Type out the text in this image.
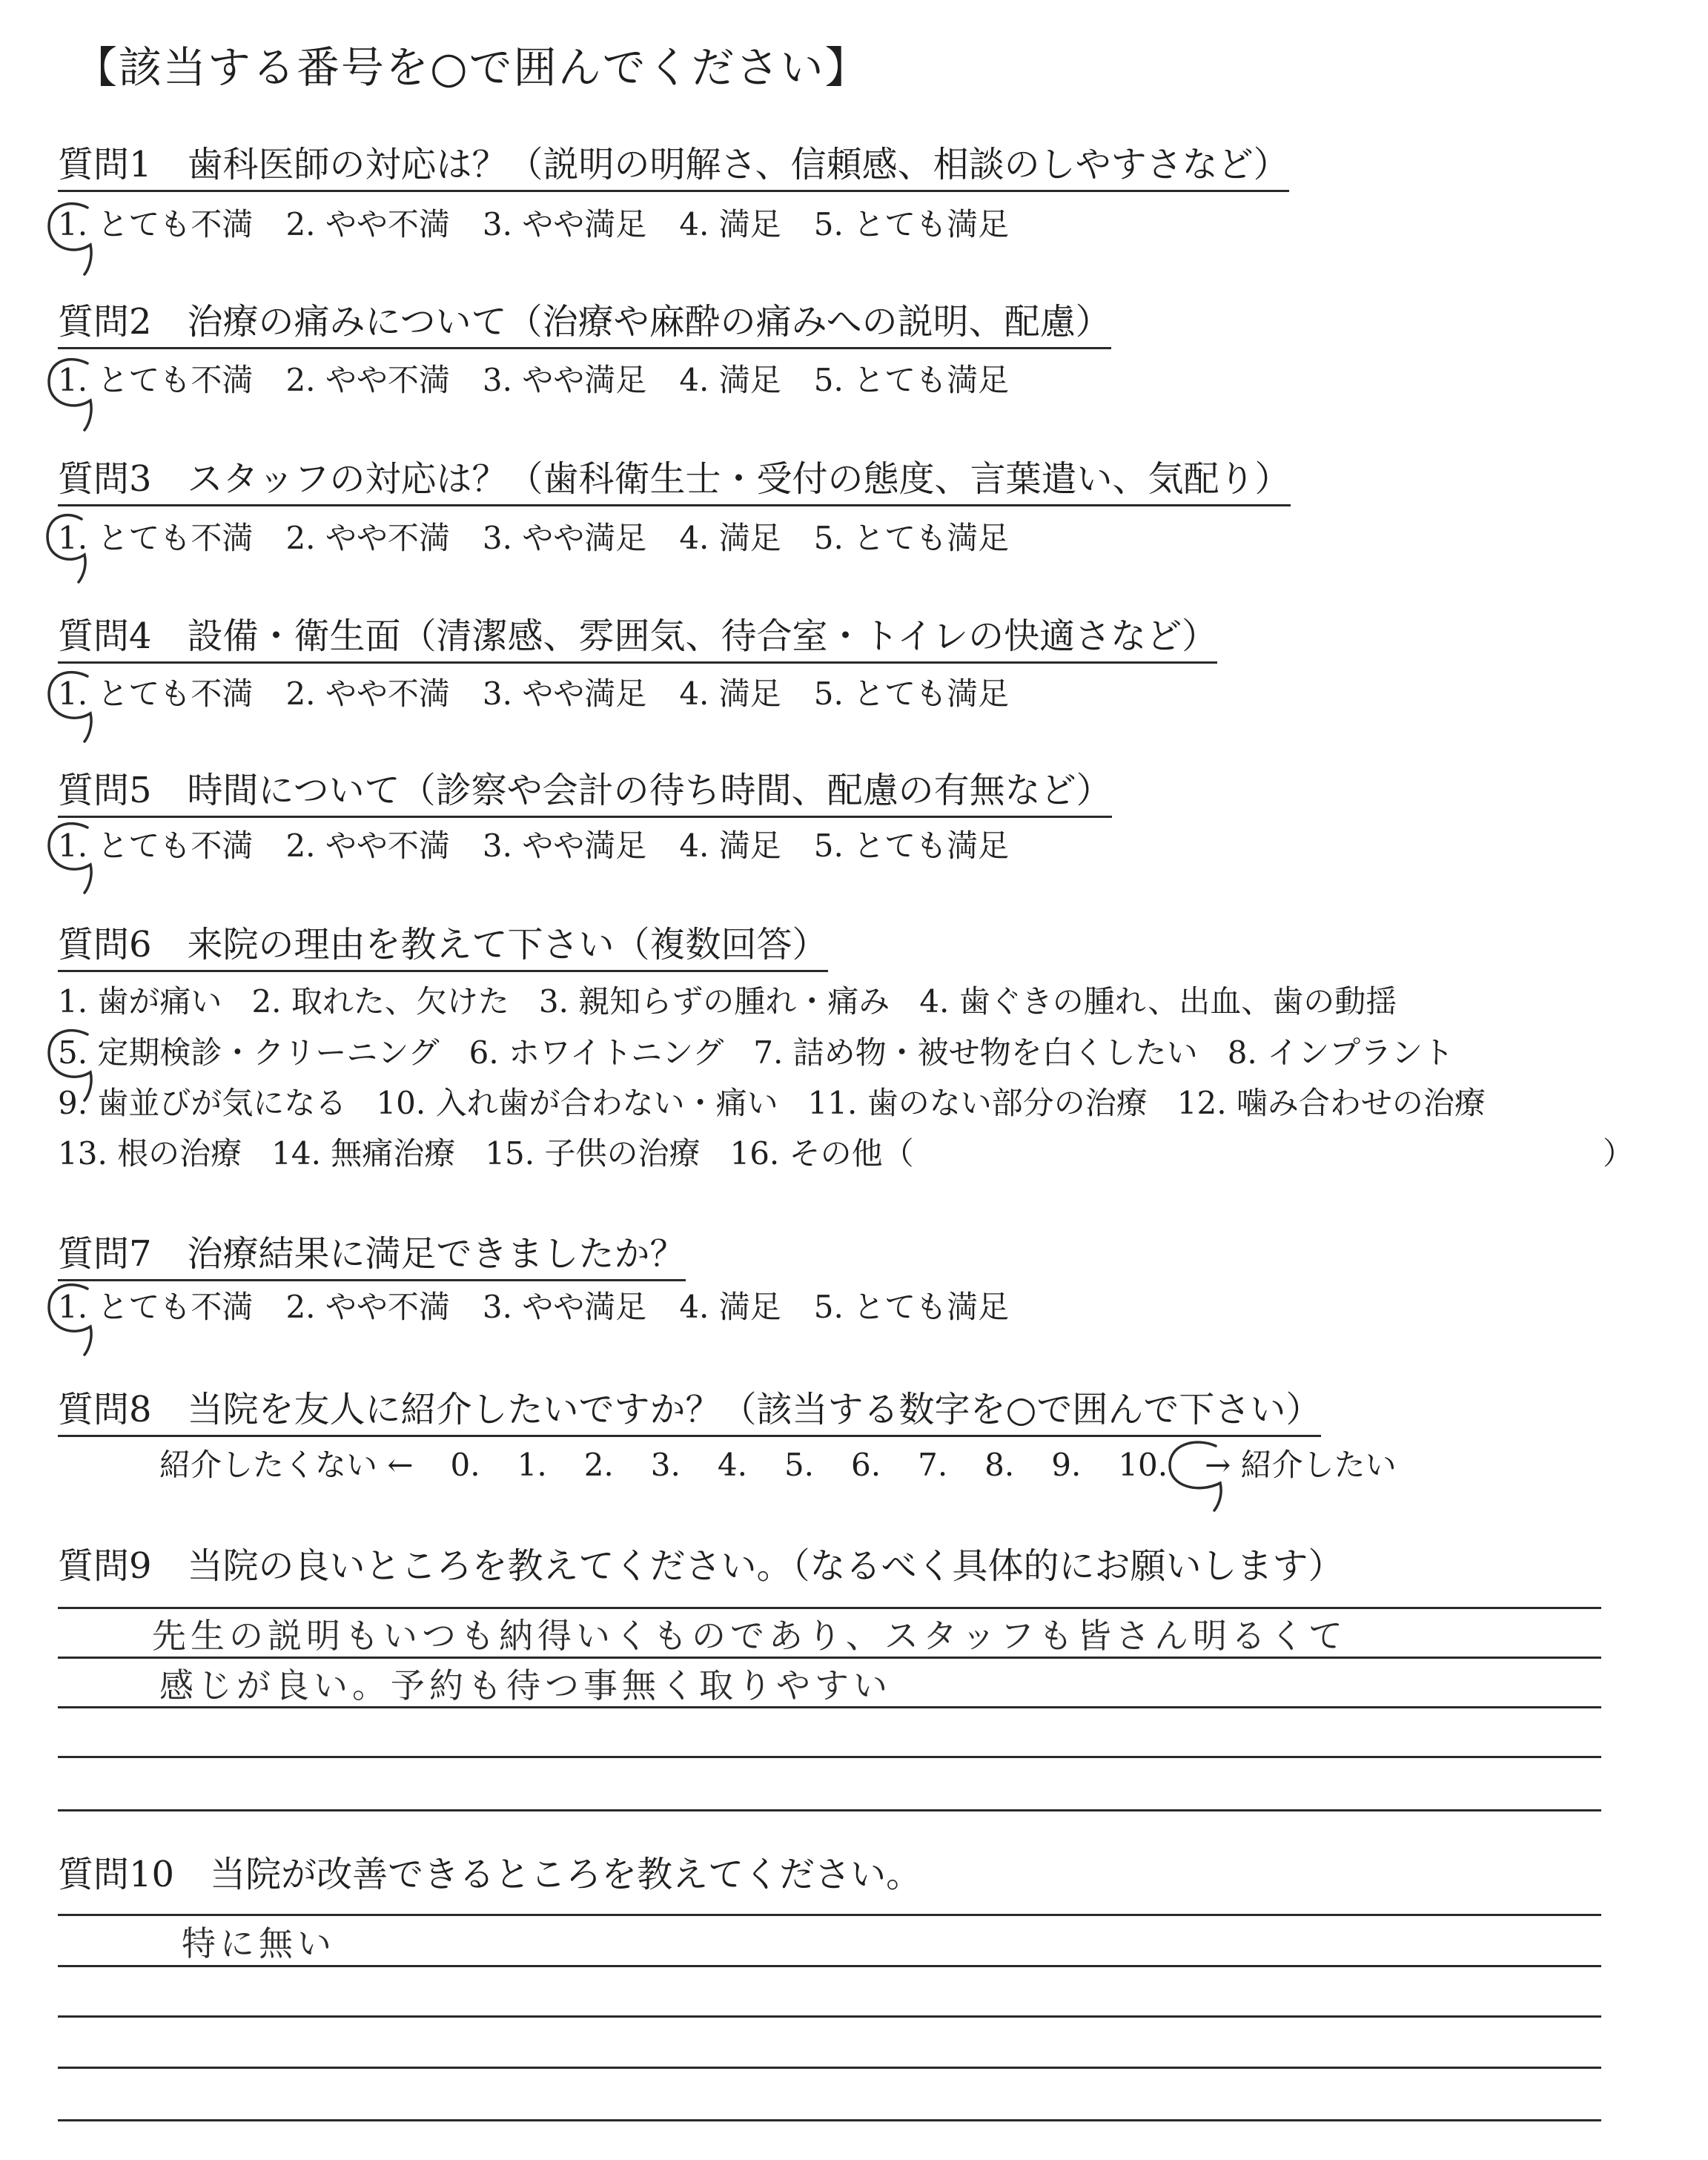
【該当する番号を○で囲んでください】
質問1　歯科医師の対応は？（説明の明解さ、信頼感、相談のしやすさなど）
1. とても不満 2. やや不満 3. やや満足 4. 満足 5. とても満足
質問2　治療の痛みについて（治療や麻酔の痛みへの説明、配慮）
1. とても不満 2. やや不満 3. やや満足 4. 満足 5. とても満足
質問3　スタッフの対応は？（歯科衛生士・受付の態度、言葉遣い、気配り）
1. とても不満 2. やや不満 3. やや満足 4. 満足 5. とても満足
質問4　設備・衛生面（清潔感、雰囲気、待合室・トイレの快適さなど）
1. とても不満 2. やや不満 3. やや満足 4. 満足 5. とても満足
質問5　時間について（診察や会計の待ち時間、配慮の有無など）
1. とても不満 2. やや不満 3. やや満足 4. 満足 5. とても満足
質問6　来院の理由を教えて下さい（複数回答）
1. 歯が痛い 2. 取れた、欠けた 3. 親知らずの腫れ・痛み 4. 歯ぐきの腫れ、出血、歯の動揺
5. 定期検診・クリーニング 6. ホワイトニング 7. 詰め物・被せ物を白くしたい 8. インプラント
9. 歯並びが気になる 10. 入れ歯が合わない・痛い 11. 歯のない部分の治療 12. 噛み合わせの治療
13. 根の治療 14. 無痛治療 15. 子供の治療 16. その他（	）
質問7　治療結果に満足できましたか？
1. とても不満 2. やや不満 3. やや満足 4. 満足 5. とても満足
質問8　当院を友人に紹介したいですか？（該当する数字を○で囲んで下さい）
紹介したくない ← 0. 1. 2. 3. 4. 5. 6. 7. 8. 9. 10. → 紹介したい
質問9　当院の良いところを教えてください。（なるべく具体的にお願いします）
先生の説明もいつも納得いくものであり、スタッフも皆さん明るくて
感じが良い。予約も待つ事無く取りやすい
質問10　当院が改善できるところを教えてください。
特に無い
